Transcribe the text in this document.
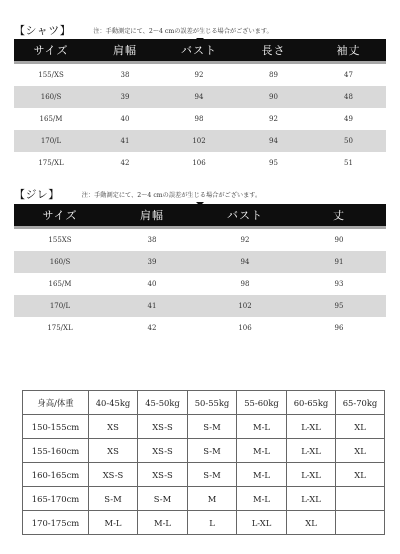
【シャツ】	注：手動測定にて、2～4 cmの誤差が生じる場合がございます。
サイズ	肩幅	バスト	長さ	袖丈
155/XS	38	92	89	47
160/S	39	94	90	48
165/M	40	98	92	49
170/L	41	102	94	50
175/XL	42	106	95	51
【ジレ】	注：手動測定にて、2～4 cmの誤差が生じる場合がございます。
サイズ	肩幅	バスト	丈
155XS	38	92	90
160/S	39	94	91
165/M	40	98	93
170/L	41	102	95
175/XL	42	106	96
身高/体重	40-45kg	45-50kg	50-55kg	55-60kg	60-65kg	65-70kg
150-155cm	XS	XS-S	S-M	M-L	L-XL	XL
155-160cm	XS	XS-S	S-M	M-L	L-XL	XL
160-165cm	XS-S	XS-S	S-M	M-L	L-XL	XL
165-170cm	S-M	S-M	M	M-L	L-XL	
170-175cm	M-L	M-L	L	L-XL	XL	
